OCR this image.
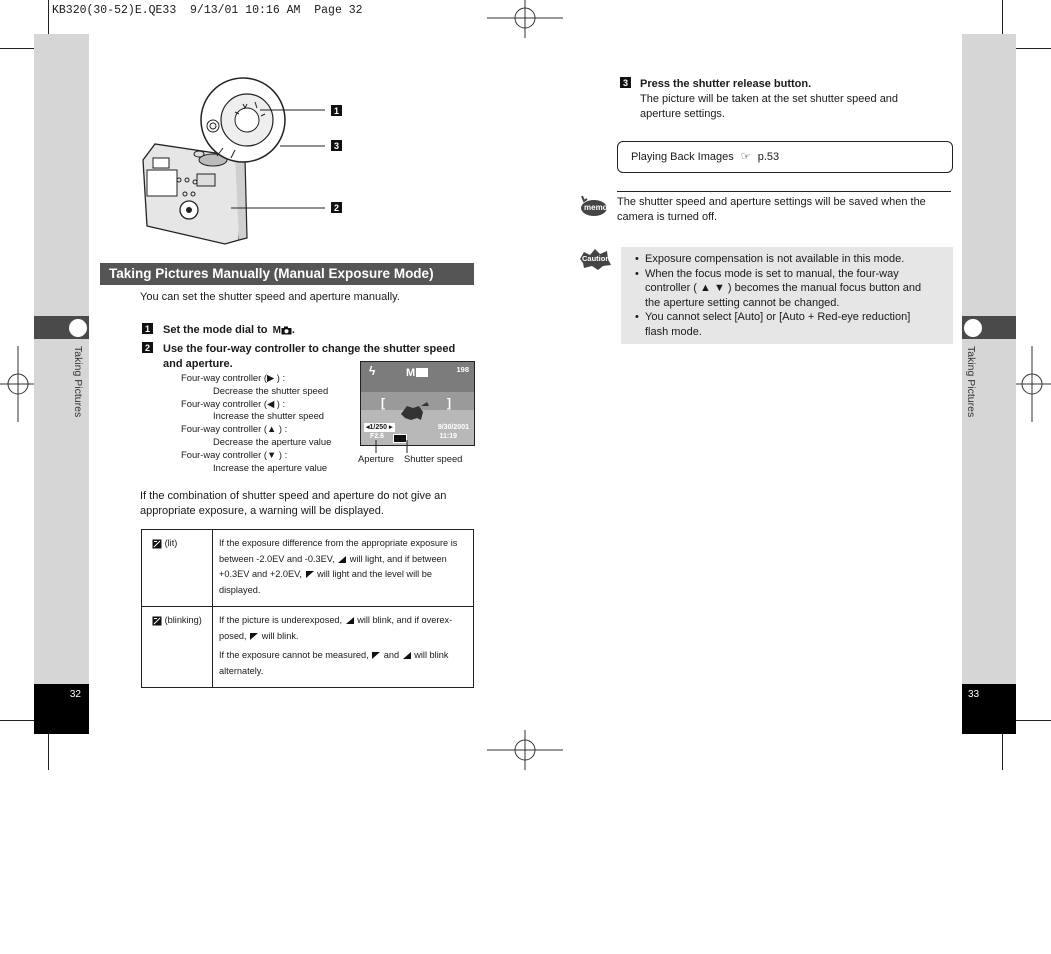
KB320(30-52)E.QE33  9/13/01 10:16 AM  Page 32
Taking Pictures
32
Taking Pictures
33
1
3
2
Taking Pictures Manually (Manual Exposure Mode)
You can set the shutter speed and aperture manually.
1 Set the mode dial to M .
2 Use the four-way controller to change the shutter speed
and aperture.
Four-way controller (▶ ) :
Decrease the shutter speed
Four-way controller (◀ ) :
Increase the shutter speed
Four-way controller (▲ ) :
Decrease the aperture value
Four-way controller (▼ ) :
Increase the aperture value
ϟ	M	198
[	]
◂1/250 ▸
F2.6
9/30/2001
11:19
Aperture Shutter speed
If the combination of shutter speed and aperture do not give an
appropriate exposure, a warning will be displayed.
(lit)	If the exposure difference from the appropriate exposure is
between -2.0EV and -0.3EV, will light, and if between
+0.3EV and +2.0EV, will light and the level will be
displayed.

(blinking)	If the picture is underexposed, will blink, and if overex-
posed, will blink.
If the exposure cannot be measured, and will blink
alternately.
3 Press the shutter release button.
The picture will be taken at the set shutter speed and
aperture settings.
Playing Back Images ☞ p.53
memo The shutter speed and aperture settings will be saved when the
camera is turned off.
Caution • Exposure compensation is not available in this mode.
• When the focus mode is set to manual, the four-way
controller ( ▲ ▼ ) becomes the manual focus button and
the aperture setting cannot be changed.
• You cannot select [Auto] or [Auto + Red-eye reduction]
flash mode.
